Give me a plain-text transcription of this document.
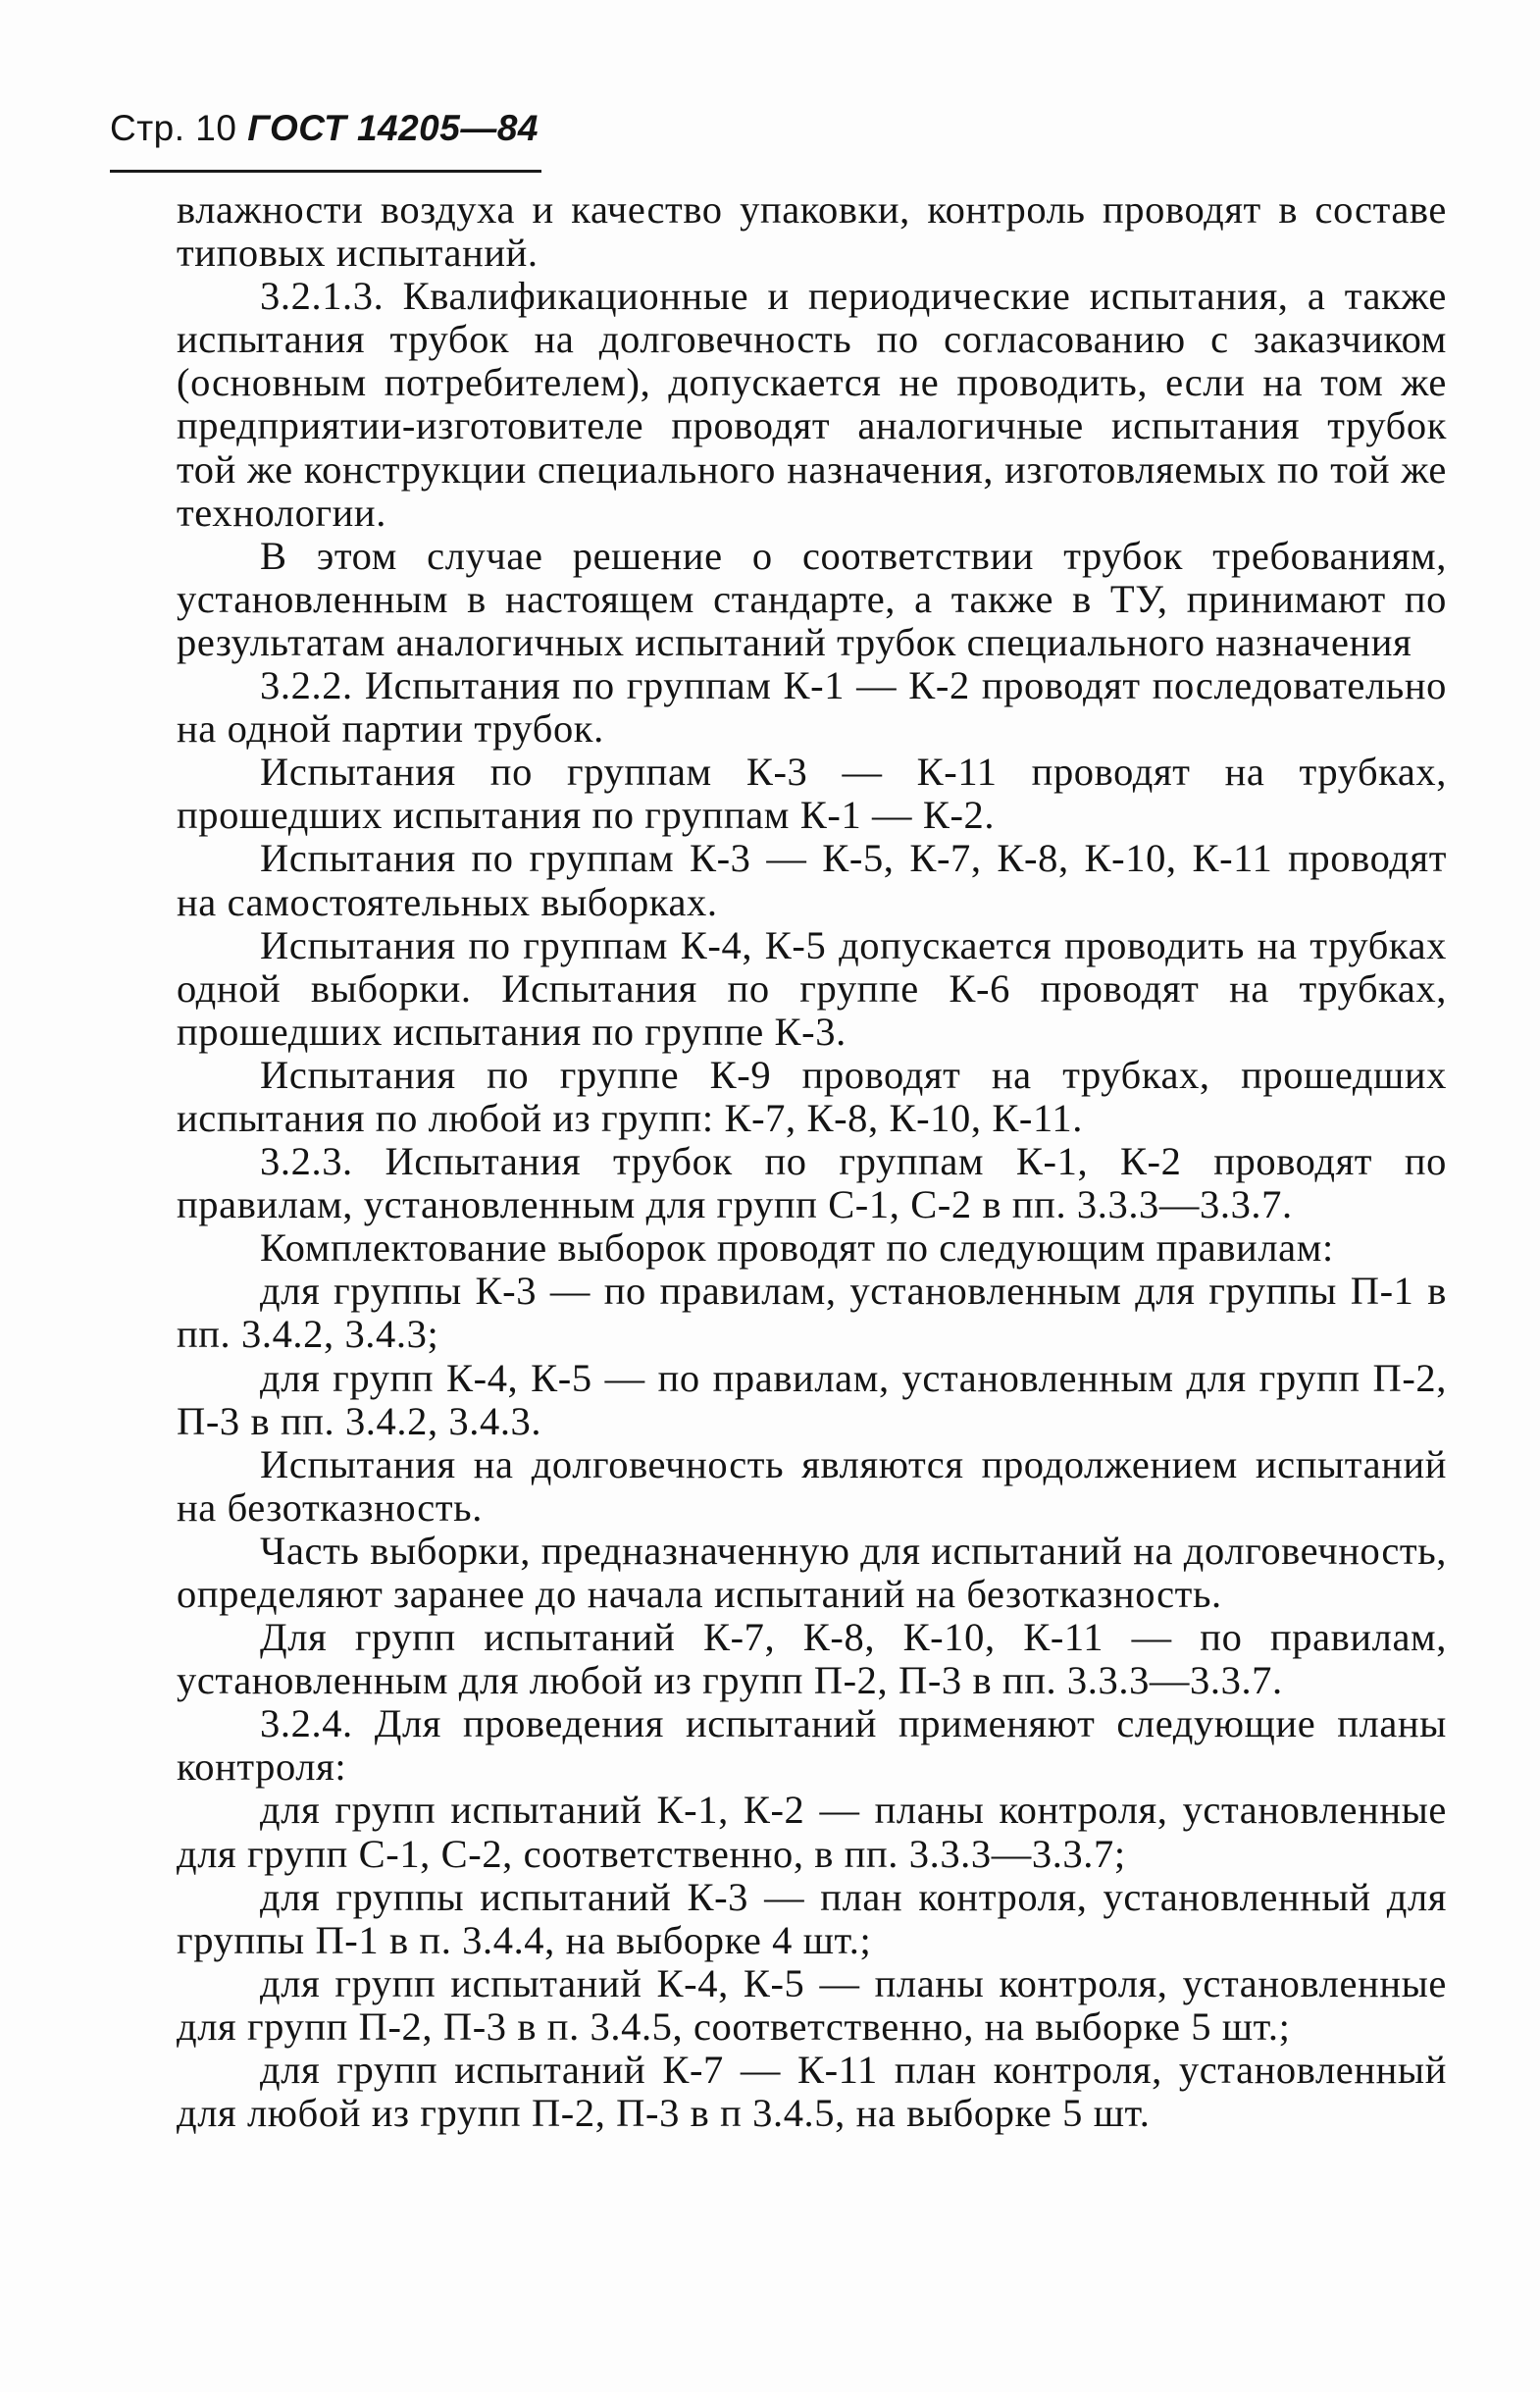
Стр. 10 ГОСТ 14205—84

влажности воздуха и качество упаковки, контроль проводят в составе типовых испытаний.

3.2.1.3. Квалификационные и периодические испытания, а также испытания трубок на долговечность по согласованию с заказчиком (основным потребителем), допускается не проводить, если на том же предприятии-изготовителе проводят аналогичные испытания трубок той же конструкции специального назначения, изготовляемых по той же технологии.

В этом случае решение о соответствии трубок требованиям, установленным в настоящем стандарте, а также в ТУ, принимают по результатам аналогичных испытаний трубок специального назначения

3.2.2. Испытания по группам К-1 — К-2 проводят последовательно на одной партии трубок.

Испытания по группам К-3 — К-11 проводят на трубках, прошедших испытания по группам К-1 — К-2.

Испытания по группам К-3 — К-5, К-7, К-8, К-10, К-11 проводят на самостоятельных выборках.

Испытания по группам К-4, К-5 допускается проводить на трубках одной выборки. Испытания по группе К-6 проводят на трубках, прошедших испытания по группе К-3.

Испытания по группе К-9 проводят на трубках, прошедших испытания по любой из групп: К-7, К-8, К-10, К-11.

3.2.3. Испытания трубок по группам К-1, К-2 проводят по правилам, установленным для групп С-1, С-2 в пп. 3.3.3—3.3.7.

Комплектование выборок проводят по следующим правилам:

для группы К-3 — по правилам, установленным для группы П-1 в пп. 3.4.2, 3.4.3;

для групп К-4, К-5 — по правилам, установленным для групп П-2, П-3 в пп. 3.4.2, 3.4.3.

Испытания на долговечность являются продолжением испытаний на безотказность.

Часть выборки, предназначенную для испытаний на долговечность, определяют заранее до начала испытаний на безотказность.

Для групп испытаний К-7, К-8, К-10, К-11 — по правилам, установленным для любой из групп П-2, П-3 в пп. 3.3.3—3.3.7.

3.2.4. Для проведения испытаний применяют следующие планы контроля:

для групп испытаний К-1, К-2 — планы контроля, установленные для групп С-1, С-2, соответственно, в пп. 3.3.3—3.3.7;

для группы испытаний К-3 — план контроля, установленный для группы П-1 в п. 3.4.4, на выборке 4 шт.;

для групп испытаний К-4, К-5 — планы контроля, установленные для групп П-2, П-3 в п. 3.4.5, соответственно, на выборке 5 шт.;

для групп испытаний К-7 — К-11 план контроля, установленный для любой из групп П-2, П-3 в п 3.4.5, на выборке 5 шт.
